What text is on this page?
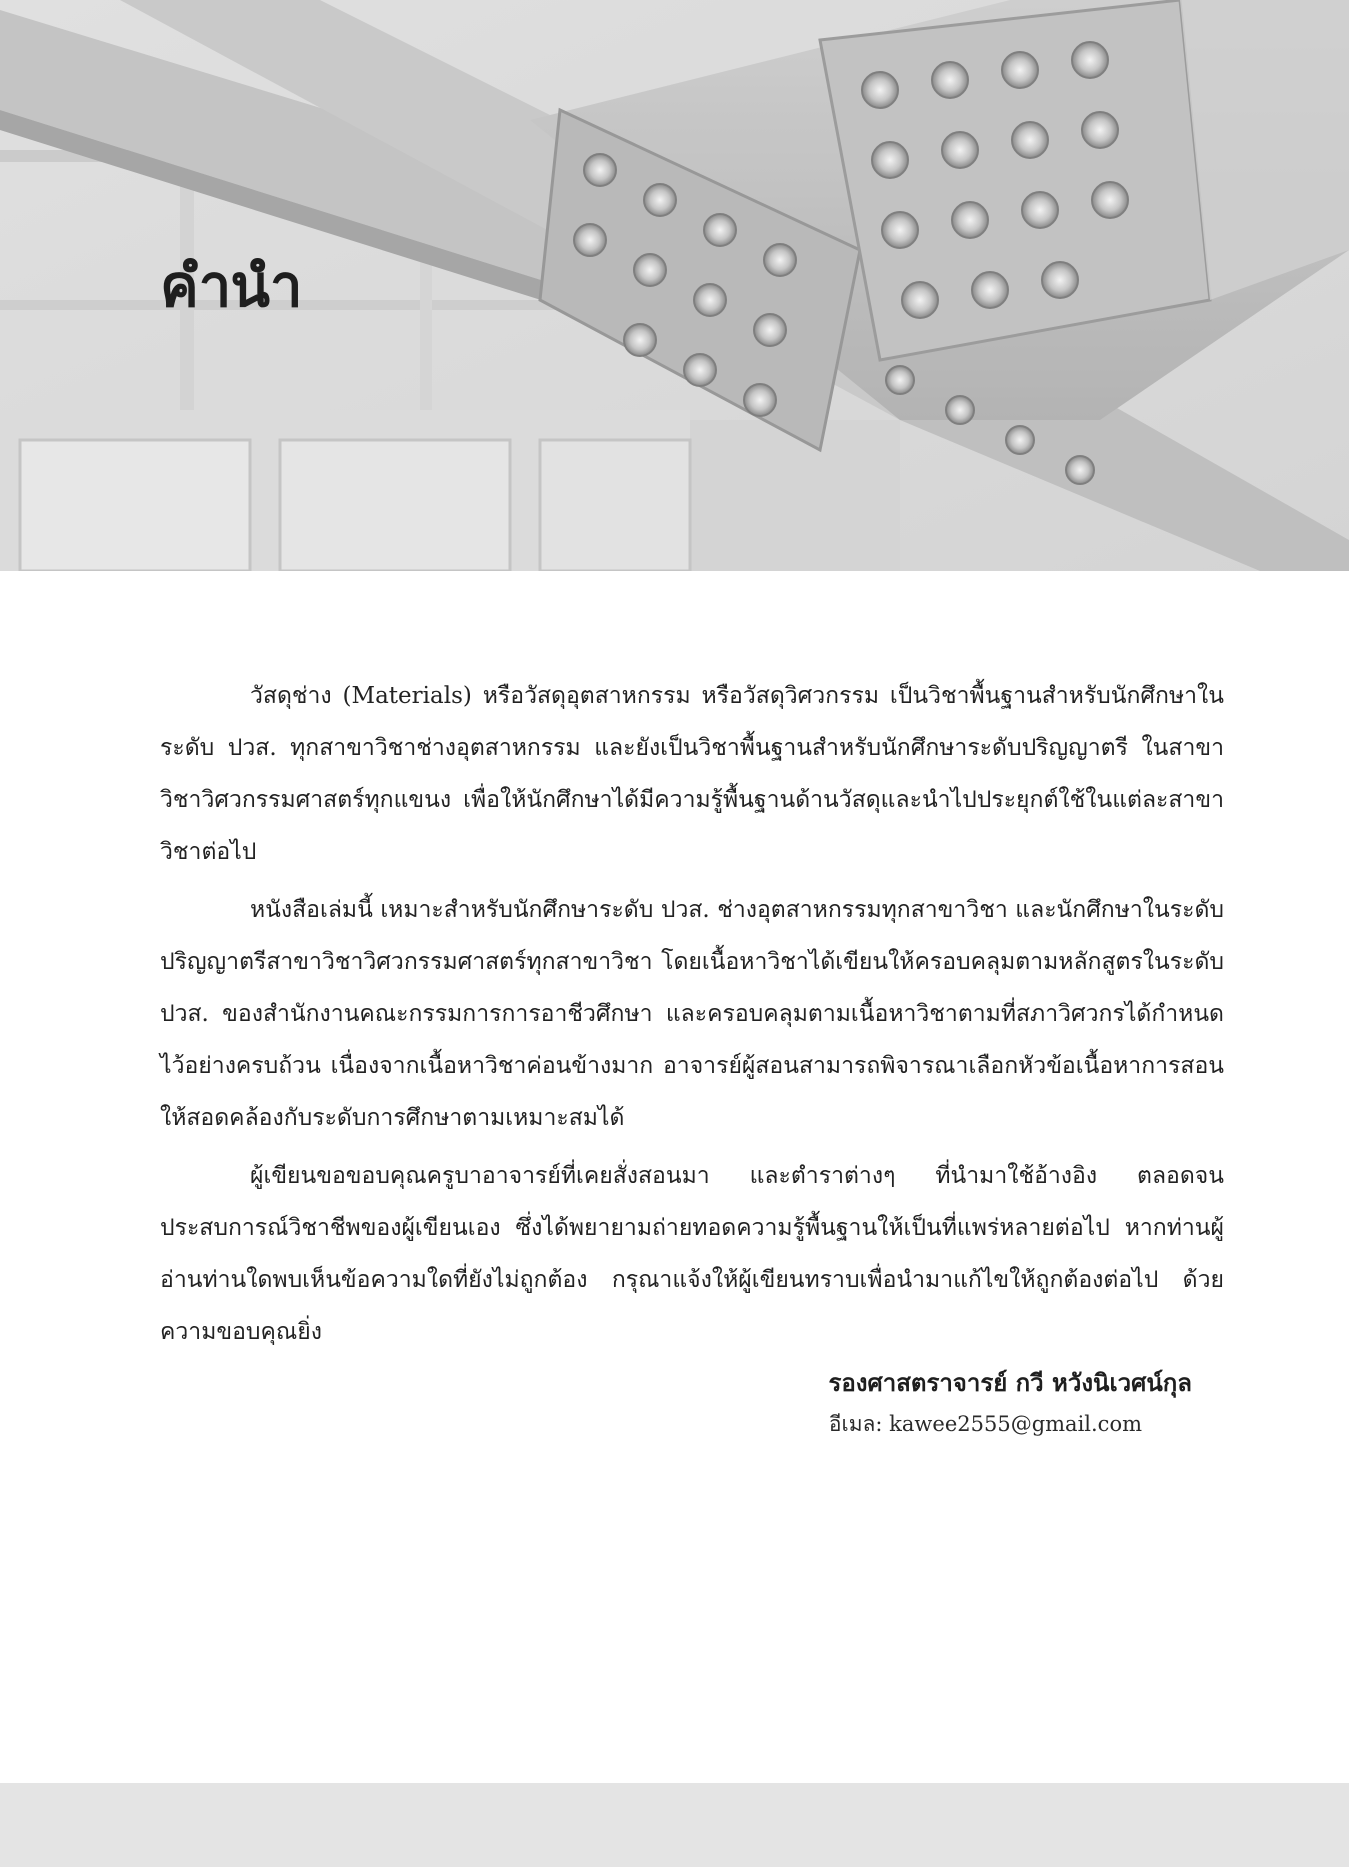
คำนำ

วัสดุช่าง (Materials) หรือวัสดุอุตสาหกรรม หรือวัสดุวิศวกรรม เป็นวิชาพื้นฐานสำหรับนักศึกษาในระดับ ปวส. ทุกสาขาวิชาช่างอุตสาหกรรม และยังเป็นวิชาพื้นฐานสำหรับนักศึกษาระดับปริญญาตรี ในสาขาวิชาวิศวกรรมศาสตร์ทุกแขนง เพื่อให้นักศึกษาได้มีความรู้พื้นฐานด้านวัสดุและนำไปประยุกต์ใช้ในแต่ละสาขาวิชาต่อไป

หนังสือเล่มนี้ เหมาะสำหรับนักศึกษาระดับ ปวส. ช่างอุตสาหกรรมทุกสาขาวิชา และนักศึกษาในระดับปริญญาตรีสาขาวิชาวิศวกรรมศาสตร์ทุกสาขาวิชา โดยเนื้อหาวิชาได้เขียนให้ครอบคลุมตามหลักสูตรในระดับ ปวส. ของสำนักงานคณะกรรมการการอาชีวศึกษา และครอบคลุมตามเนื้อหาวิชาตามที่สภาวิศวกรได้กำหนดไว้อย่างครบถ้วน เนื่องจากเนื้อหาวิชาค่อนข้างมาก อาจารย์ผู้สอนสามารถพิจารณาเลือกหัวข้อเนื้อหาการสอนให้สอดคล้องกับระดับการศึกษาตามเหมาะสมได้

ผู้เขียนขอขอบคุณครูบาอาจารย์ที่เคยสั่งสอนมา และตำราต่างๆ ที่นำมาใช้อ้างอิง ตลอดจนประสบการณ์วิชาชีพของผู้เขียนเอง ซึ่งได้พยายามถ่ายทอดความรู้พื้นฐานให้เป็นที่แพร่หลายต่อไป หากท่านผู้อ่านท่านใดพบเห็นข้อความใดที่ยังไม่ถูกต้อง กรุณาแจ้งให้ผู้เขียนทราบเพื่อนำมาแก้ไขให้ถูกต้องต่อไป ด้วยความขอบคุณยิ่ง

รองศาสตราจารย์ กวี หวังนิเวศน์กุล
อีเมล: kawee2555@gmail.com
